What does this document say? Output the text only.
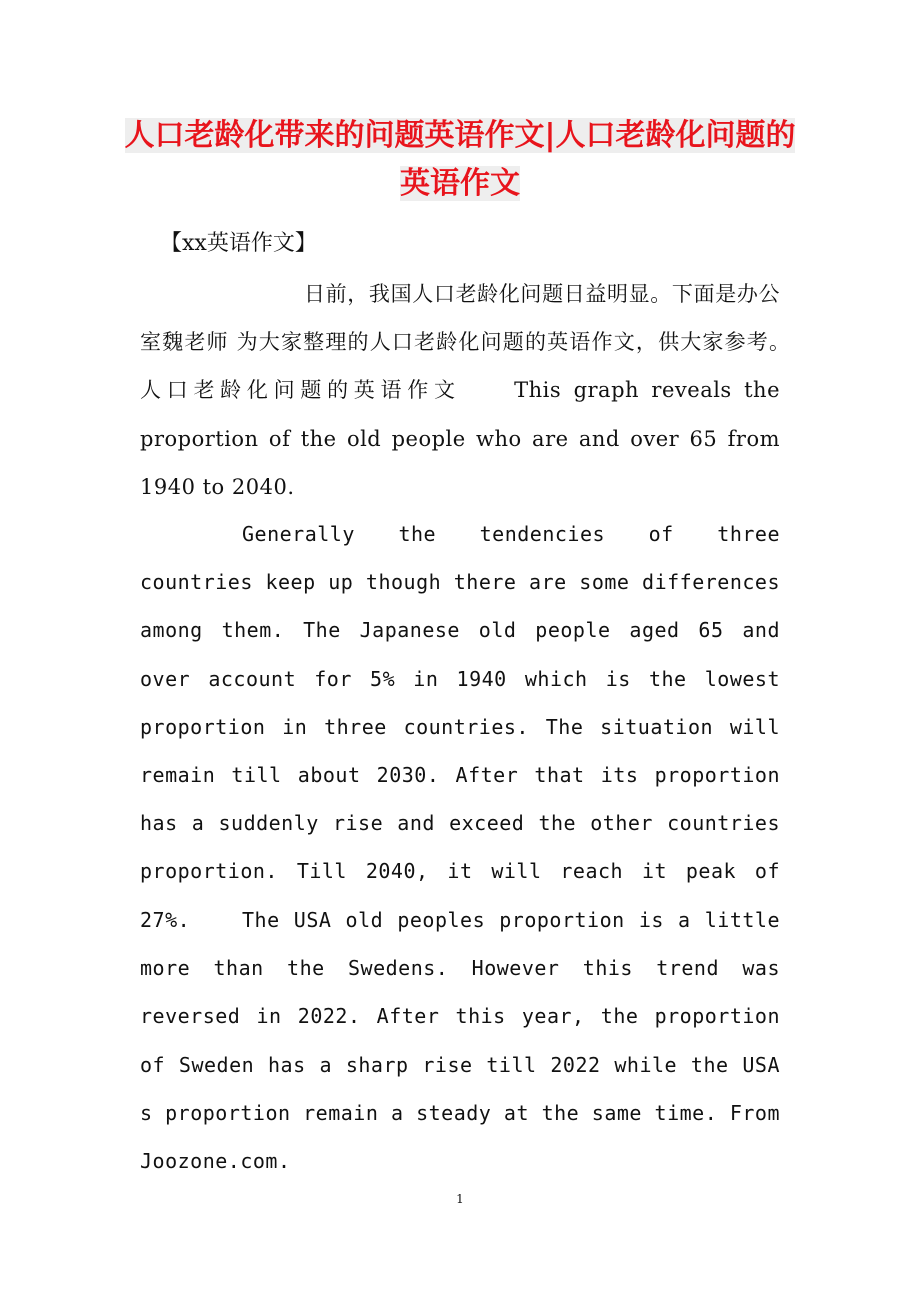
人口老龄化带来的问题英语作文|人口老龄化问题的
英语作文
【xx英语作文】

日前，我国人口老龄化问题日益明显。下面是办公室魏老师 为大家整理的人口老龄化问题的英语作文，供大家参考。　　人口老龄化问题的英语作文　　This graph reveals the proportion of the old people who are and over 65 from 1940 to 2040.

Generally the tendencies of three countries keep up though there are some differences among them. The Japanese old people aged 65 and over account for 5% in 1940 which is the lowest proportion in three countries. The situation will remain till about 2030. After that its proportion has a suddenly rise and exceed the other countries proportion. Till 2040, it will reach it peak of 27%.	The USA old peoples proportion is a little more than the Swedens. However this trend was reversed in 2022. After this year, the proportion of Sweden has a sharp rise till 2022 while the USA s proportion remain a steady at the same time. From Joozone.com.

1
